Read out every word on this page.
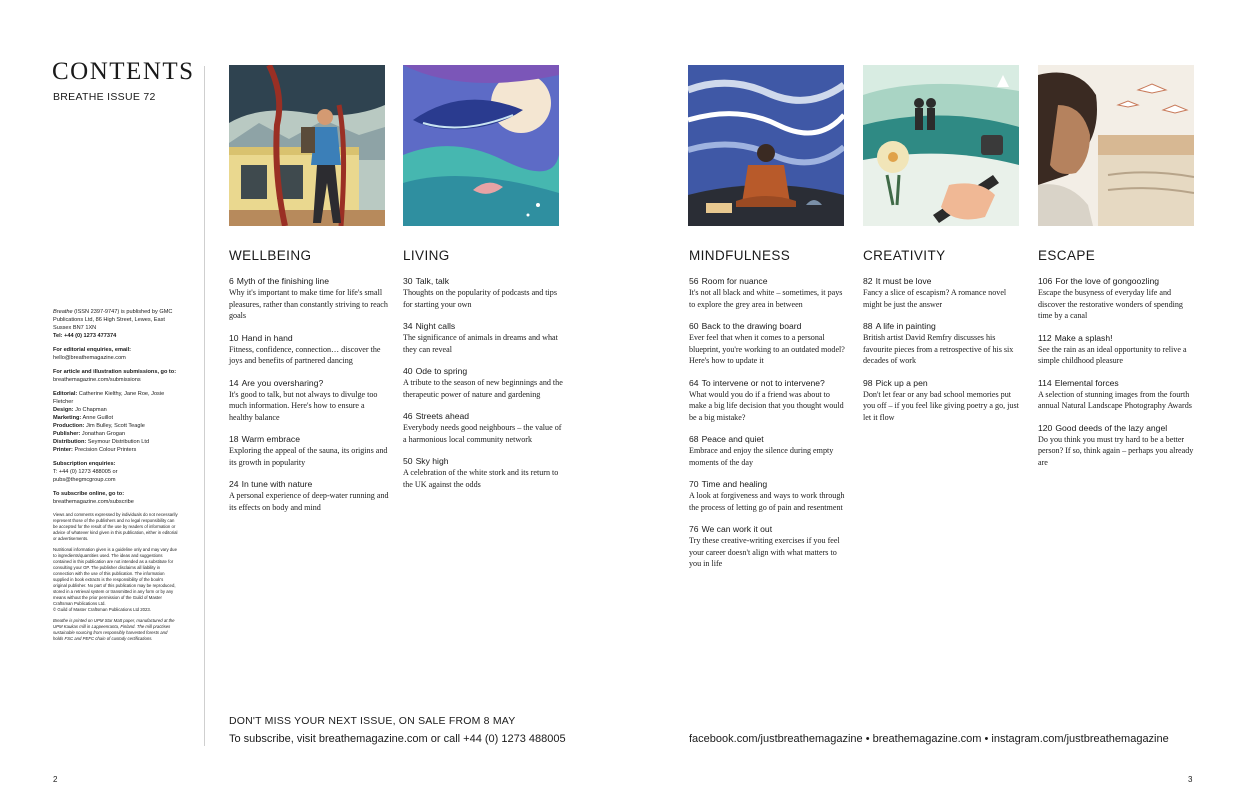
CONTENTS
BREATHE ISSUE 72

Breathe (ISSN 2397-9747) is published by GMC Publications Ltd, 86 High Street, Lewes, East Sussex BN7 1XN
Tel: +44 (0) 1273 477374

For editorial enquiries, email:
hello@breathemagazine.com

For article and illustration submissions, go to:
breathemagazine.com/submissions

Editorial: Catherine Kielthy, Jane Roe, Josie Fletcher
Design: Jo Chapman
Marketing: Anne Guillot
Production: Jim Bulley, Scott Teagle
Publisher: Jonathan Grogan
Distribution: Seymour Distribution Ltd
Printer: Precision Colour Printers

Subscription enquiries:
T: +44 (0) 1273 488005 or
pubs@thegmcgroup.com

To subscribe online, go to:
breathemagazine.com/subscribe

Views and comments expressed by individuals do not necessarily represent those of the publishers and no legal responsibility can be accepted for the result of the use by readers of information or advice of whatever kind given in this publication, either in editorial or advertisements.

Nutritional information given is a guideline only and may vary due to ingredients/quantities used. The ideas and suggestions contained in this publication are not intended as a substitute for consulting your GP. The publisher disclaims all liability in connection with the use of this publication. The information supplied in book extracts is the responsibility of the book's original publisher. No part of this publication may be reproduced, stored in a retrieval system or transmitted in any form or by any means without the prior permission of the Guild of Master Craftsman Publications Ltd.
© Guild of Master Craftsman Publications Ltd 2023.

Breathe is printed on UPM Star Matt paper, manufactured at the UPM Kaukas mill in Lappeenranta, Finland. The mill practises sustainable sourcing from responsibly harvested forests and holds FSC and PEFC chain of custody certifications.

WELLBEING
6 Myth of the finishing line
Why it's important to make time for life's small pleasures, rather than constantly striving to reach goals
10 Hand in hand
Fitness, confidence, connection… discover the joys and benefits of partnered dancing
14 Are you oversharing?
It's good to talk, but not always to divulge too much information. Here's how to ensure a healthy balance
18 Warm embrace
Exploring the appeal of the sauna, its origins and its growth in popularity
24 In tune with nature
A personal experience of deep-water running and its effects on body and mind
LIVING
30 Talk, talk
Thoughts on the popularity of podcasts and tips for starting your own
34 Night calls
The significance of animals in dreams and what they can reveal
40 Ode to spring
A tribute to the season of new beginnings and the therapeutic power of nature and gardening
46 Streets ahead
Everybody needs good neighbours – the value of a harmonious local community network
50 Sky high
A celebration of the white stork and its return to the UK against the odds
MINDFULNESS
56 Room for nuance
It's not all black and white – sometimes, it pays to explore the grey area in between
60 Back to the drawing board
Ever feel that when it comes to a personal blueprint, you're working to an outdated model? Here's how to update it
64 To intervene or not to intervene?
What would you do if a friend was about to make a big life decision that you thought would be a big mistake?
68 Peace and quiet
Embrace and enjoy the silence during empty moments of the day
70 Time and healing
A look at forgiveness and ways to work through the process of letting go of pain and resentment
76 We can work it out
Try these creative-writing exercises if you feel your career doesn't align with what matters to you in life
CREATIVITY
82 It must be love
Fancy a slice of escapism? A romance novel might be just the answer
88 A life in painting
British artist David Remfry discusses his favourite pieces from a retrospective of his six decades of work
98 Pick up a pen
Don't let fear or any bad school memories put you off – if you feel like giving poetry a go, just let it flow
ESCAPE
106 For the love of gongoozling
Escape the busyness of everyday life and discover the restorative wonders of spending time by a canal
112 Make a splash!
See the rain as an ideal opportunity to relive a simple childhood pleasure
114 Elemental forces
A selection of stunning images from the fourth annual Natural Landscape Photography Awards
120 Good deeds of the lazy angel
Do you think you must try hard to be a better person? If so, think again – perhaps you already are
DON'T MISS YOUR NEXT ISSUE, ON SALE FROM 8 MAY
To subscribe, visit breathemagazine.com or call +44 (0) 1273 488005	facebook.com/justbreathemagazine • breathemagazine.com • instagram.com/justbreathemagazine
2	3
